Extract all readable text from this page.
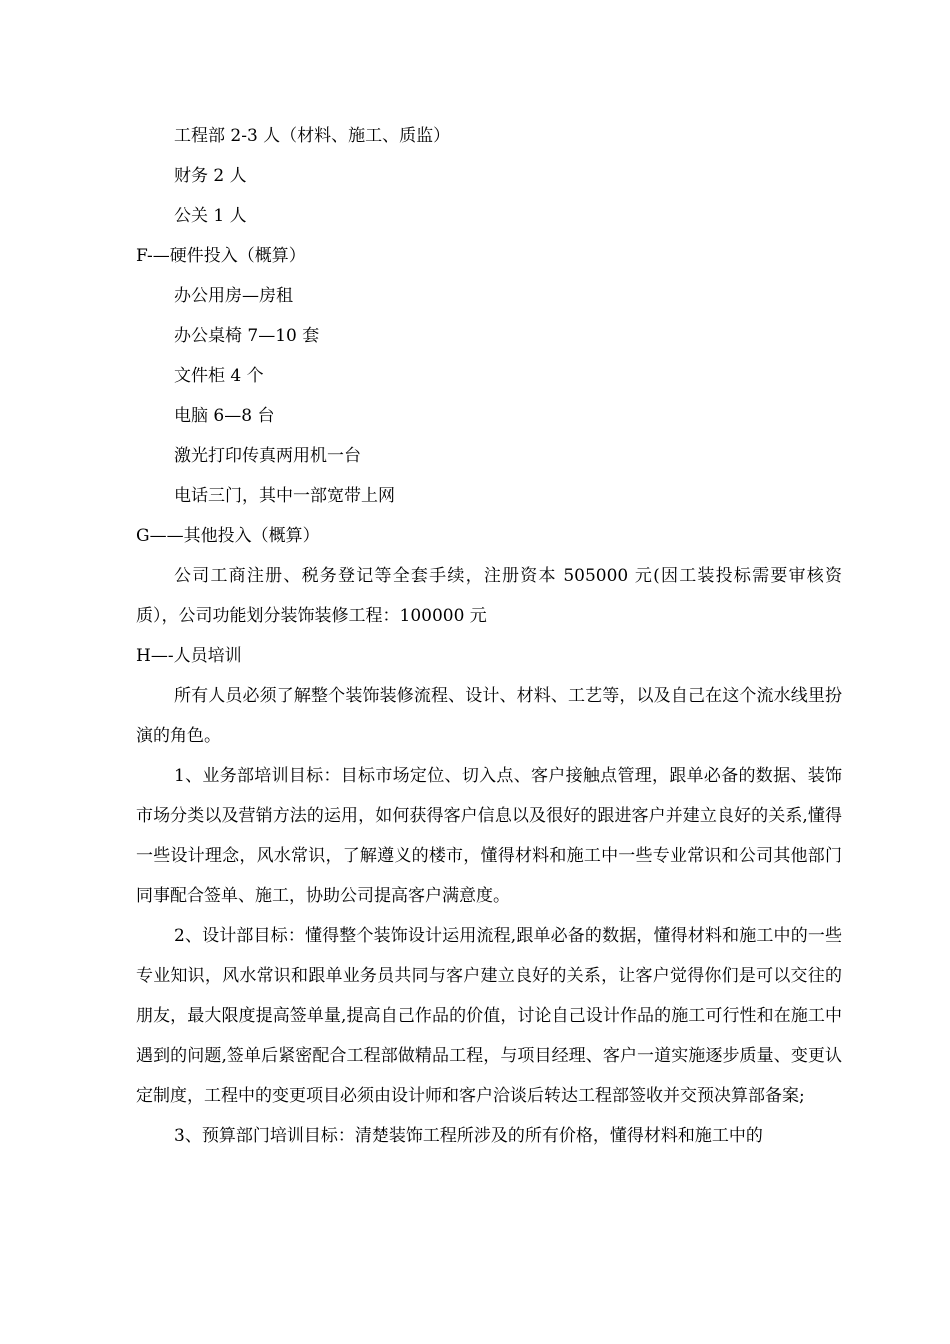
工程部 2-3 人（材料、施工、质监）
财务 2 人
公关 1 人
F-—硬件投入（概算）
办公用房—房租
办公桌椅 7—10 套
文件柜 4 个
电脑 6—8 台
激光打印传真两用机一台
电话三门，其中一部宽带上网
G——其他投入（概算）
公司工商注册、税务登记等全套手续，注册资本 505000 元(因工装投标需要审核资质），公司功能划分装饰装修工程：100000 元
H—-人员培训
所有人员必须了解整个装饰装修流程、设计、材料、工艺等，以及自己在这个流水线里扮演的角色。
1、业务部培训目标：目标市场定位、切入点、客户接触点管理，跟单必备的数据、装饰市场分类以及营销方法的运用，如何获得客户信息以及很好的跟进客户并建立良好的关系,懂得一些设计理念，风水常识，了解遵义的楼市，懂得材料和施工中一些专业常识和公司其他部门同事配合签单、施工，协助公司提高客户满意度。
2、设计部目标：懂得整个装饰设计运用流程,跟单必备的数据，懂得材料和施工中的一些专业知识，风水常识和跟单业务员共同与客户建立良好的关系，让客户觉得你们是可以交往的朋友，最大限度提高签单量,提高自己作品的价值，讨论自己设计作品的施工可行性和在施工中遇到的问题,签单后紧密配合工程部做精品工程，与项目经理、客户一道实施逐步质量、变更认定制度，工程中的变更项目必须由设计师和客户洽谈后转达工程部签收并交预决算部备案;
3、预算部门培训目标：清楚装饰工程所涉及的所有价格，懂得材料和施工中的
